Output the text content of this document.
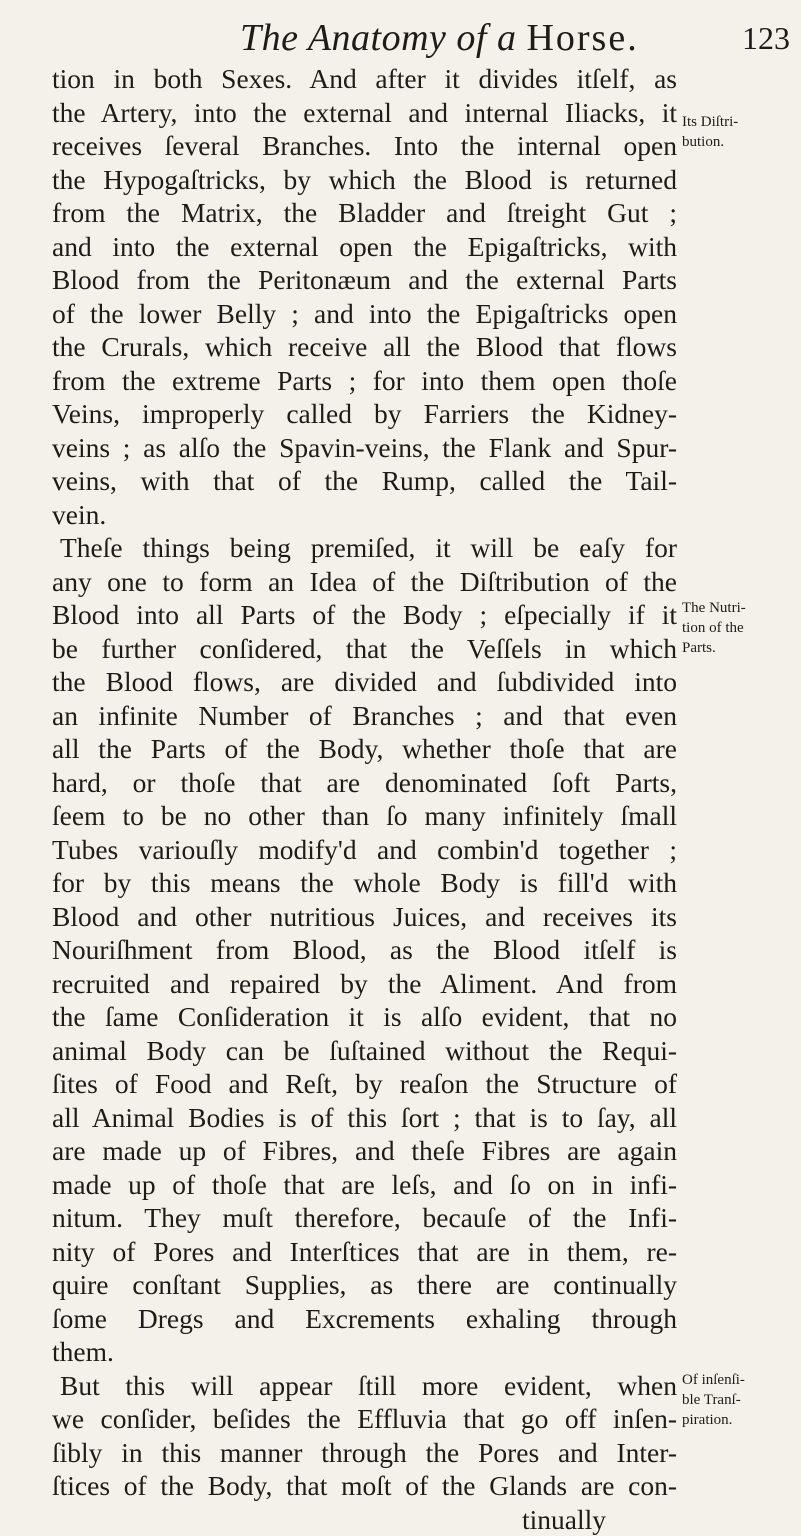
The Anatomy of a Horse.	123
tion in both Sexes. And after it divides itſelf, as
the Artery, into the external and internal Iliacks, it
receives ſeveral Branches. Into the internal open
the Hypogaſtricks, by which the Blood is returned
from the Matrix, the Bladder and ſtreight Gut ;
and into the external open the Epigaſtricks, with
Blood from the Peritonæum and the external Parts
of the lower Belly ; and into the Epigaſtricks open
the Crurals, which receive all the Blood that flows
from the extreme Parts ; for into them open thoſe
Veins, improperly called by Farriers the Kidney-
veins ; as alſo the Spavin-veins, the Flank and Spur-
veins, with that of the Rump, called the Tail-
vein.
Theſe things being premiſed, it will be eaſy for
any one to form an Idea of the Diſtribution of the
Blood into all Parts of the Body ; eſpecially if it
be further conſidered, that the Veſſels in which
the Blood flows, are divided and ſubdivided into
an infinite Number of Branches ; and that even
all the Parts of the Body, whether thoſe that are
hard, or thoſe that are denominated ſoft Parts,
ſeem to be no other than ſo many infinitely ſmall
Tubes variouſly modify'd and combin'd together ;
for by this means the whole Body is fill'd with
Blood and other nutritious Juices, and receives its
Nouriſhment from Blood, as the Blood itſelf is
recruited and repaired by the Aliment. And from
the ſame Conſideration it is alſo evident, that no
animal Body can be ſuſtained without the Requi-
ſites of Food and Reſt, by reaſon the Structure of
all Animal Bodies is of this ſort ; that is to ſay, all
are made up of Fibres, and theſe Fibres are again
made up of thoſe that are leſs, and ſo on in infi-
nitum. They muſt therefore, becauſe of the Infi-
nity of Pores and Interſtices that are in them, re-
quire conſtant Supplies, as there are continually
ſome Dregs and Excrements exhaling through
them.
But this will appear ſtill more evident, when
we conſider, beſides the Effluvia that go off inſen-
ſibly in this manner through the Pores and Inter-
ſtices of the Body, that moſt of the Glands are con-
tinually
Its Diſtri-
bution.
The Nutri-
tion of the
Parts.
Of inſenſi-
ble Tranſ-
piration.
